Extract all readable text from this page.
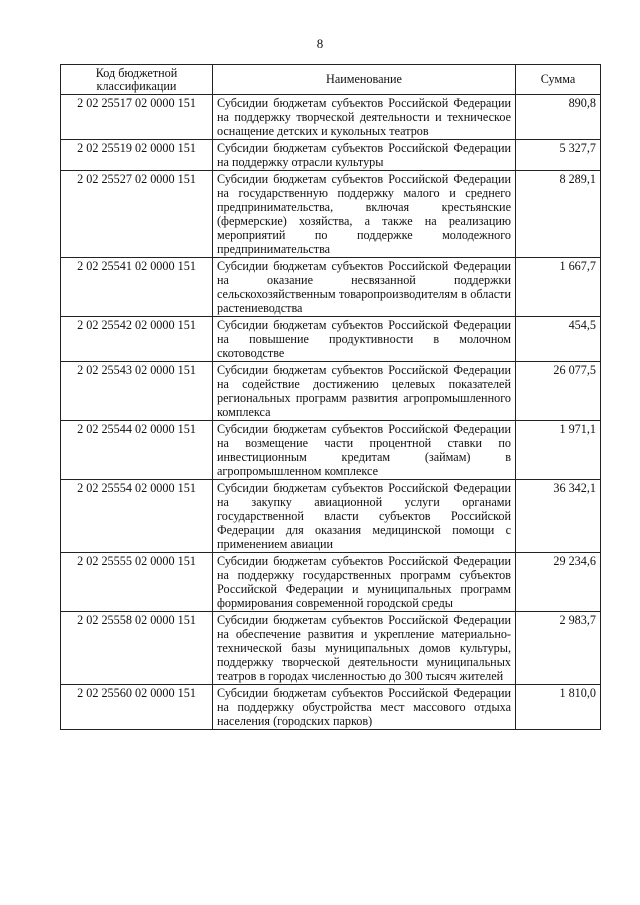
8
Код бюджетной классификации	Наименование	Сумма
2 02 25517 02 0000 151	Субсидии бюджетам субъектов Российской Федерации на поддержку творческой деятельности и техническое оснащение детских и кукольных театров	890,8
2 02 25519 02 0000 151	Субсидии бюджетам субъектов Российской Федерации на поддержку отрасли культуры	5 327,7
2 02 25527 02 0000 151	Субсидии бюджетам субъектов Российской Федерации на государственную поддержку малого и среднего предпринимательства, включая крестьянские (фермерские) хозяйства, а также на реализацию мероприятий по поддержке молодежного предпринимательства	8 289,1
2 02 25541 02 0000 151	Субсидии бюджетам субъектов Российской Федерации на оказание несвязанной поддержки сельскохозяйственным товаропроизводителям в области растениеводства	1 667,7
2 02 25542 02 0000 151	Субсидии бюджетам субъектов Российской Федерации на повышение продуктивности в молочном скотоводстве	454,5
2 02 25543 02 0000 151	Субсидии бюджетам субъектов Российской Федерации на содействие достижению целевых показателей региональных программ развития агропромышленного комплекса	26 077,5
2 02 25544 02 0000 151	Субсидии бюджетам субъектов Российской Федерации на возмещение части процентной ставки по инвестиционным кредитам (займам) в агропромышленном комплексе	1 971,1
2 02 25554 02 0000 151	Субсидии бюджетам субъектов Российской Федерации на закупку авиационной услуги органами государственной власти субъектов Российской Федерации для оказания медицинской помощи с применением авиации	36 342,1
2 02 25555 02 0000 151	Субсидии бюджетам субъектов Российской Федерации на поддержку государственных программ субъектов Российской Федерации и муниципальных программ формирования современной городской среды	29 234,6
2 02 25558 02 0000 151	Субсидии бюджетам субъектов Российской Федерации на обеспечение развития и укрепление материально-технической базы муниципальных домов культуры, поддержку творческой деятельности муниципальных театров в городах численностью до 300 тысяч жителей	2 983,7
2 02 25560 02 0000 151	Субсидии бюджетам субъектов Российской Федерации на поддержку обустройства мест массового отдыха населения (городских парков)	1 810,0
